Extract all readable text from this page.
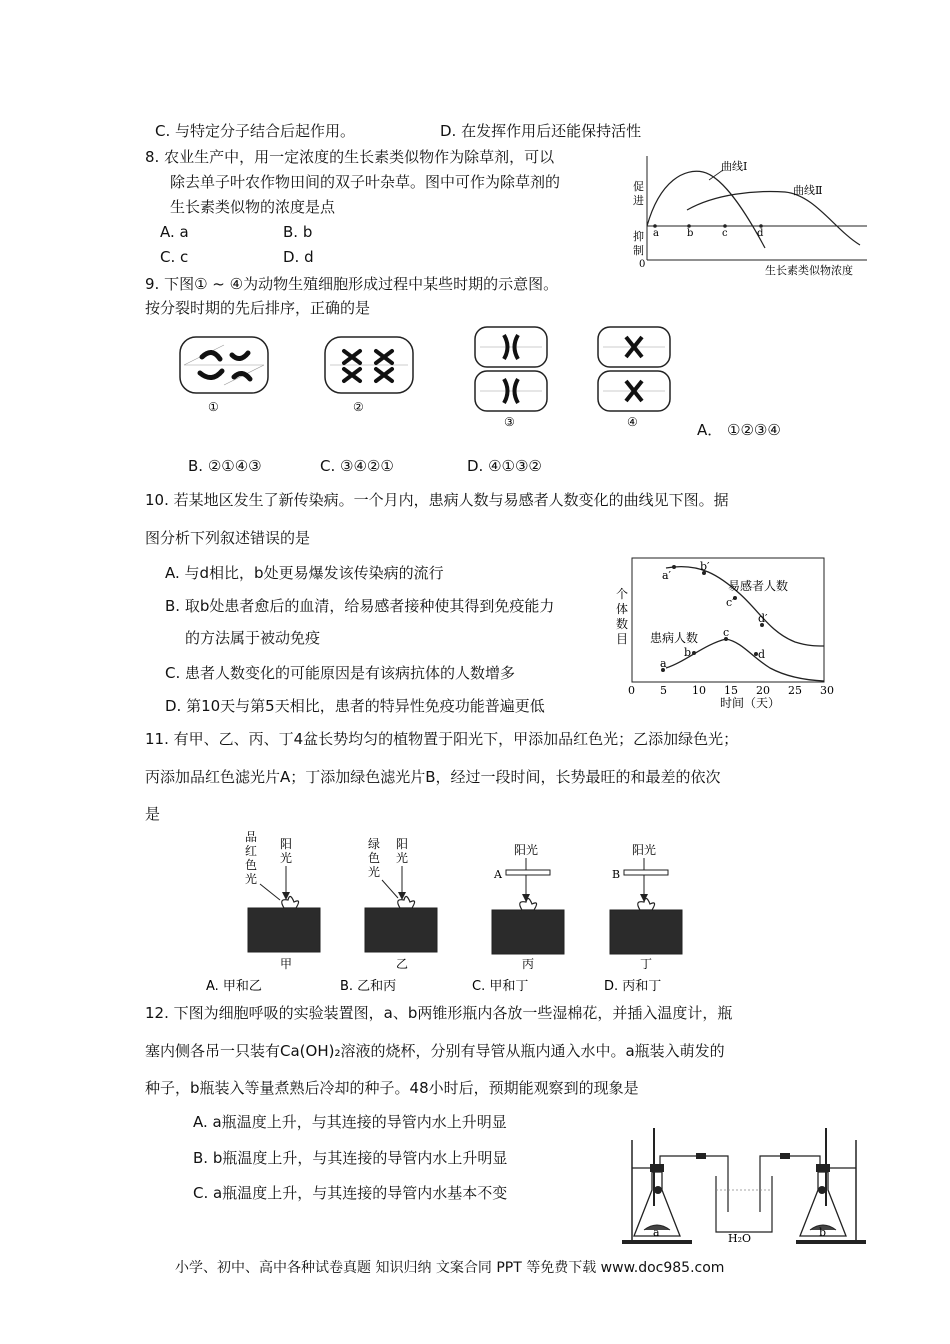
C. 与特定分子结合后起作用。	D. 在发挥作用后还能保持活性
8. 农业生产中，用一定浓度的生长素类似物作为除草剂，可以
除去单子叶农作物田间的双子叶杂草。图中可作为除草剂的
生长素类似物的浓度是点
A. a	B. b
C. c	D. d
促
进
抑
制
0
曲线Ⅰ
曲线Ⅱ
a	b	c	d
生长素类似物浓度
9. 下图① ~ ④为动物生殖细胞形成过程中某些时期的示意图。
按分裂时期的先后排序，正确的是
①	②
③	④	A． ①②③④
B. ②①④③	C. ③④②①	D. ④①③②
10. 若某地区发生了新传染病。一个月内，患病人数与易感者人数变化的曲线见下图。据
图分析下列叙述错误的是
A. 与d相比，b处更易爆发该传染病的流行
B. 取b处患者愈后的血清，给易感者接种使其得到免疫能力
的方法属于被动免疫
C. 患者人数变化的可能原因是有该病抗体的人数增多
D. 第10天与第5天相比，患者的特异性免疫功能普遍更低
个
体
数
目
0 5 10 15 20 25 30
时间（天）
易感者人数
患病人数
a′
b′
c′
d′
a
b
c
d
11. 有甲、乙、丙、丁4盆长势均匀的植物置于阳光下，甲添加品红色光；乙添加绿色光；
丙添加品红色滤光片A；丁添加绿色滤光片B，经过一段时间，长势最旺的和最差的依次
是
品
红
色
光
阳
光
甲
绿
色
光
阳
光
乙
阳光
A
丙
阳光
B
丁
A. 甲和乙	B. 乙和丙	C. 甲和丁	D. 丙和丁
12. 下图为细胞呼吸的实验装置图，a、b两锥形瓶内各放一些湿棉花，并插入温度计，瓶
塞内侧各吊一只装有Ca(OH)₂溶液的烧杯，分别有导管从瓶内通入水中。a瓶装入萌发的
种子，b瓶装入等量煮熟后冷却的种子。48小时后，预期能观察到的现象是
A. a瓶温度上升，与其连接的导管内水上升明显
B. b瓶温度上升，与其连接的导管内水上升明显
C. a瓶温度上升，与其连接的导管内水基本不变
a	b
H₂O
小学、初中、高中各种试卷真题 知识归纳 文案合同 PPT 等免费下载 www.doc985.com
